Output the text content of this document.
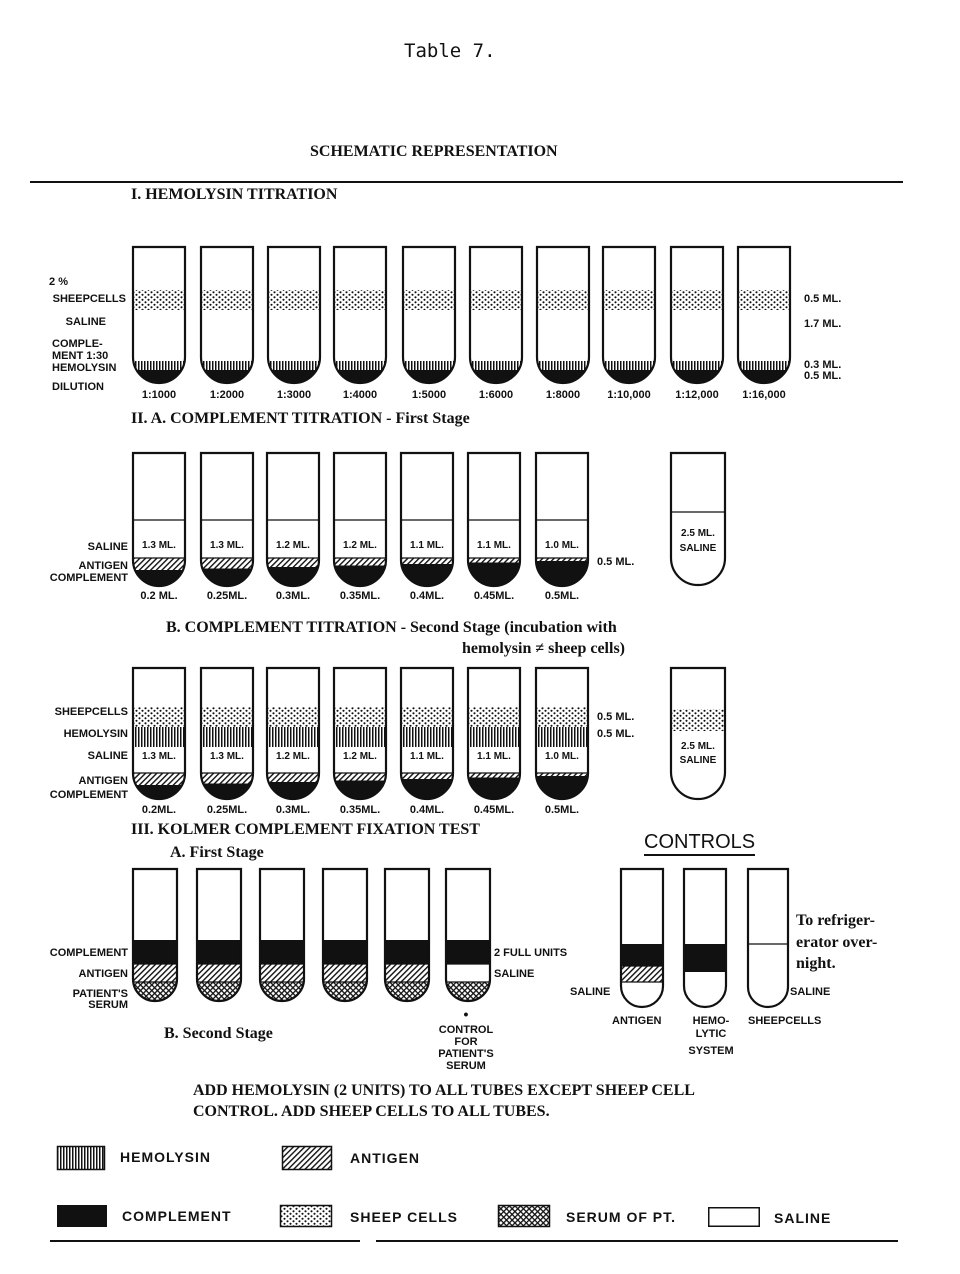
Table 7.
SCHEMATIC REPRESENTATION
I. HEMOLYSIN TITRATION
2 %
SHEEPCELLS
SALINE
COMPLE-
MENT 1:30
HEMOLYSIN
DILUTION
0.5 ML.
1.7 ML.
0.3 ML.
0.5 ML.
II. A. COMPLEMENT TITRATION - First Stage
SALINE
ANTIGEN
COMPLEMENT
0.5 ML.
B. COMPLEMENT TITRATION - Second Stage (incubation with
hemolysin ≠ sheep cells)
SHEEPCELLS
HEMOLYSIN
SALINE
ANTIGEN
COMPLEMENT
0.5 ML.
0.5 ML.
III. KOLMER COMPLEMENT FIXATION TEST
A. First Stage	CONTROLS
COMPLEMENT
ANTIGEN
PATIENT'S
SERUM
2 FULL UNITS
SALINE
•
CONTROL
FOR
PATIENT'S
SERUM
B. Second Stage
SALINE	SALINE
ANTIGEN	HEMO-
LYTIC
SYSTEM
SHEEPCELLS
To refriger-
erator over-
night.
ADD HEMOLYSIN (2 UNITS) TO ALL TUBES EXCEPT SHEEP CELL
CONTROL. ADD SHEEP CELLS TO ALL TUBES.
HEMOLYSIN	ANTIGEN
COMPLEMENT	SHEEP CELLS	SERUM OF PT.	SALINE
1:1000	1:2000	1:3000	1:4000	1:5000	1:6000	1:8000	1:10,000	1:12,000	1:16,000
1.3 ML.
0.2 ML.
1.3 ML.
0.25ML.
1.2 ML.
0.3ML.
1.2 ML.
0.35ML.
1.1 ML.
0.4ML.
1.1 ML.
0.45ML.
1.0 ML.
0.5ML.
2.5 ML.
SALINE
1.3 ML.
0.2ML.
1.3 ML.
0.25ML.
1.2 ML.
0.3ML.
1.2 ML.
0.35ML.
1.1 ML.
0.4ML.
1.1 ML.
0.45ML.
1.0 ML.
0.5ML.
2.5 ML.
SALINE
